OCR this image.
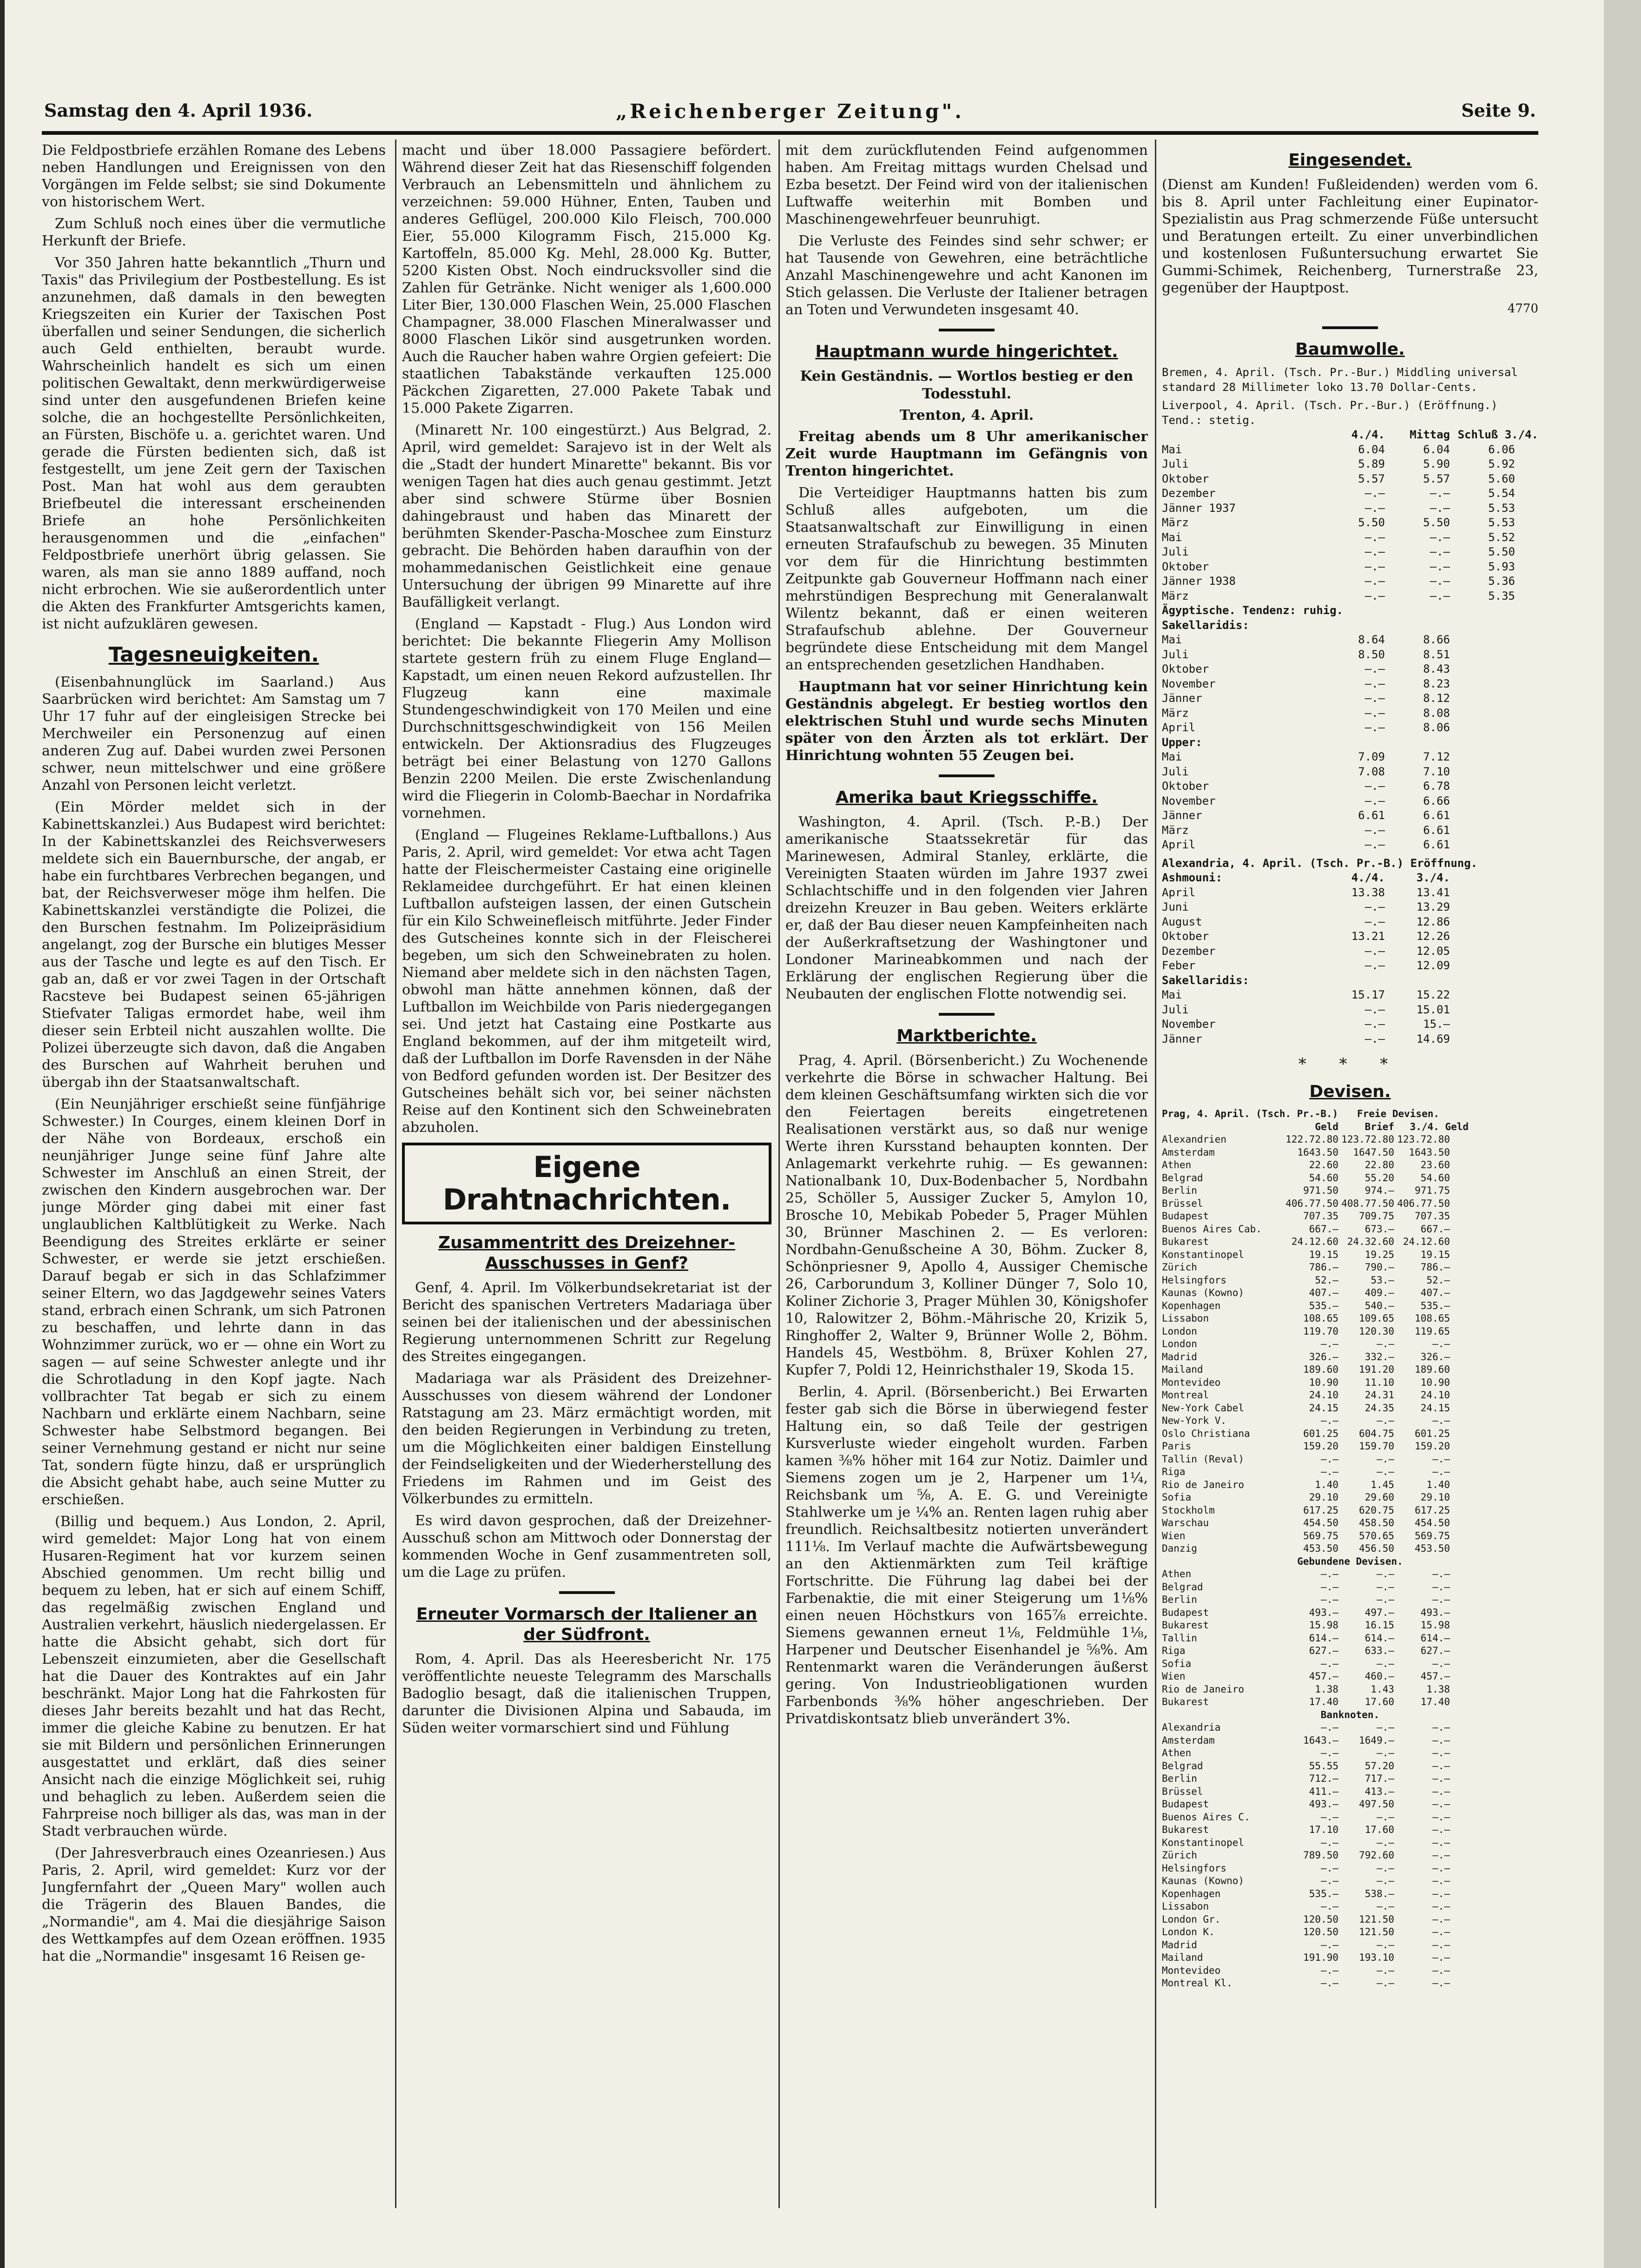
Samstag den 4. April 1936.	„Reichenberger Zeitung".	Seite 9.

Die Feldpostbriefe erzählen Romane des Lebens neben Handlungen und Ereignissen von den Vorgängen im Felde selbst; sie sind Dokumente von historischem Wert.

Zum Schluß noch eines über die vermutliche Herkunft der Briefe.

Vor 350 Jahren hatte bekanntlich „Thurn und Taxis" das Privilegium der Postbestellung. Es ist anzunehmen, daß damals in den bewegten Kriegszeiten ein Kurier der Taxischen Post überfallen und seiner Sendungen, die sicherlich auch Geld enthielten, beraubt wurde. Wahrscheinlich handelt es sich um einen politischen Gewaltakt, denn merkwürdigerweise sind unter den ausgefundenen Briefen keine solche, die an hochgestellte Persönlichkeiten, an Fürsten, Bischöfe u. a. gerichtet waren. Und gerade die Fürsten bedienten sich, daß ist festgestellt, um jene Zeit gern der Taxischen Post. Man hat wohl aus dem geraubten Briefbeutel die interessant erscheinenden Briefe an hohe Persönlichkeiten herausgenommen und die „einfachen" Feldpostbriefe unerhört übrig gelassen. Sie waren, als man sie anno 1889 auffand, noch nicht erbrochen. Wie sie außerordentlich unter die Akten des Frankfurter Amtsgerichts kamen, ist nicht aufzuklären gewesen.

Tagesneuigkeiten.

(Eisenbahnunglück im Saarland.) Aus Saarbrücken wird berichtet: Am Samstag um 7 Uhr 17 fuhr auf der eingleisigen Strecke bei Merchweiler ein Personenzug auf einen anderen Zug auf. Dabei wurden zwei Personen schwer, neun mittelschwer und eine größere Anzahl von Personen leicht verletzt.

(Ein Mörder meldet sich in der Kabinettskanzlei.) Aus Budapest wird berichtet: In der Kabinettskanzlei des Reichsverwesers meldete sich ein Bauernbursche, der angab, er habe ein furchtbares Verbrechen begangen, und bat, der Reichsverweser möge ihm helfen. Die Kabinettskanzlei verständigte die Polizei, die den Burschen festnahm. Im Polizeipräsidium angelangt, zog der Bursche ein blutiges Messer aus der Tasche und legte es auf den Tisch. Er gab an, daß er vor zwei Tagen in der Ortschaft Racsteve bei Budapest seinen 65-jährigen Stiefvater Taligas ermordet habe, weil ihm dieser sein Erbteil nicht auszahlen wollte. Die Polizei überzeugte sich davon, daß die Angaben des Burschen auf Wahrheit beruhen und übergab ihn der Staatsanwaltschaft.

(Ein Neunjähriger erschießt seine fünfjährige Schwester.) In Courges, einem kleinen Dorf in der Nähe von Bordeaux, erschoß ein neunjähriger Junge seine fünf Jahre alte Schwester im Anschluß an einen Streit, der zwischen den Kindern ausgebrochen war. Der junge Mörder ging dabei mit einer fast unglaublichen Kaltblütigkeit zu Werke. Nach Beendigung des Streites erklärte er seiner Schwester, er werde sie jetzt erschießen. Darauf begab er sich in das Schlafzimmer seiner Eltern, wo das Jagdgewehr seines Vaters stand, erbrach einen Schrank, um sich Patronen zu beschaffen, und lehrte dann in das Wohnzimmer zurück, wo er — ohne ein Wort zu sagen — auf seine Schwester anlegte und ihr die Schrotladung in den Kopf jagte. Nach vollbrachter Tat begab er sich zu einem Nachbarn und erklärte einem Nachbarn, seine Schwester habe Selbstmord begangen. Bei seiner Vernehmung gestand er nicht nur seine Tat, sondern fügte hinzu, daß er ursprünglich die Absicht gehabt habe, auch seine Mutter zu erschießen.

(Billig und bequem.) Aus London, 2. April, wird gemeldet: Major Long hat von einem Husaren-Regiment hat vor kurzem seinen Abschied genommen. Um recht billig und bequem zu leben, hat er sich auf einem Schiff, das regelmäßig zwischen England und Australien verkehrt, häuslich niedergelassen. Er hatte die Absicht gehabt, sich dort für Lebenszeit einzumieten, aber die Gesellschaft hat die Dauer des Kontraktes auf ein Jahr beschränkt. Major Long hat die Fahrkosten für dieses Jahr bereits bezahlt und hat das Recht, immer die gleiche Kabine zu benutzen. Er hat sie mit Bildern und persönlichen Erinnerungen ausgestattet und erklärt, daß dies seiner Ansicht nach die einzige Möglichkeit sei, ruhig und behaglich zu leben. Außerdem seien die Fahrpreise noch billiger als das, was man in der Stadt verbrauchen würde.

(Der Jahresverbrauch eines Ozeanriesen.) Aus Paris, 2. April, wird gemeldet: Kurz vor der Jungfernfahrt der „Queen Mary" wollen auch die Trägerin des Blauen Bandes, die „Normandie", am 4. Mai die diesjährige Saison des Wettkampfes auf dem Ozean eröffnen. 1935 hat die „Normandie" insgesamt 16 Reisen ge-

macht und über 18.000 Passagiere befördert. Während dieser Zeit hat das Riesenschiff folgenden Verbrauch an Lebensmitteln und ähnlichem zu verzeichnen: 59.000 Hühner, Enten, Tauben und anderes Geflügel, 200.000 Kilo Fleisch, 700.000 Eier, 55.000 Kilogramm Fisch, 215.000 Kg. Kartoffeln, 85.000 Kg. Mehl, 28.000 Kg. Butter, 5200 Kisten Obst. Noch eindrucksvoller sind die Zahlen für Getränke. Nicht weniger als 1,600.000 Liter Bier, 130.000 Flaschen Wein, 25.000 Flaschen Champagner, 38.000 Flaschen Mineralwasser und 8000 Flaschen Likör sind ausgetrunken worden. Auch die Raucher haben wahre Orgien gefeiert: Die staatlichen Tabakstände verkauften 125.000 Päckchen Zigaretten, 27.000 Pakete Tabak und 15.000 Pakete Zigarren.

(Minarett Nr. 100 eingestürzt.) Aus Belgrad, 2. April, wird gemeldet: Sarajevo ist in der Welt als die „Stadt der hundert Minarette" bekannt. Bis vor wenigen Tagen hat dies auch genau gestimmt. Jetzt aber sind schwere Stürme über Bosnien dahingebraust und haben das Minarett der berühmten Skender-Pascha-Moschee zum Einsturz gebracht. Die Behörden haben daraufhin von der mohammedanischen Geistlichkeit eine genaue Untersuchung der übrigen 99 Minarette auf ihre Baufälligkeit verlangt.

(England — Kapstadt - Flug.) Aus London wird berichtet: Die bekannte Fliegerin Amy Mollison startete gestern früh zu einem Fluge England—Kapstadt, um einen neuen Rekord aufzustellen. Ihr Flugzeug kann eine maximale Stundengeschwindigkeit von 170 Meilen und eine Durchschnittsgeschwindigkeit von 156 Meilen entwickeln. Der Aktionsradius des Flugzeuges beträgt bei einer Belastung von 1270 Gallons Benzin 2200 Meilen. Die erste Zwischenlandung wird die Fliegerin in Colomb-Baechar in Nordafrika vornehmen.

(England — Flugeines Reklame-Luftballons.) Aus Paris, 2. April, wird gemeldet: Vor etwa acht Tagen hatte der Fleischermeister Castaing eine originelle Reklameidee durchgeführt. Er hat einen kleinen Luftballon aufsteigen lassen, der einen Gutschein für ein Kilo Schweinefleisch mitführte. Jeder Finder des Gutscheines konnte sich in der Fleischerei begeben, um sich den Schweinebraten zu holen. Niemand aber meldete sich in den nächsten Tagen, obwohl man hätte annehmen können, daß der Luftballon im Weichbilde von Paris niedergegangen sei. Und jetzt hat Castaing eine Postkarte aus England bekommen, auf der ihm mitgeteilt wird, daß der Luftballon im Dorfe Ravensden in der Nähe von Bedford gefunden worden ist. Der Besitzer des Gutscheines behält sich vor, bei seiner nächsten Reise auf den Kontinent sich den Schweinebraten abzuholen.

Eigene Drahtnachrichten.
Zusammentritt des Dreizehner-Ausschusses in Genf?

Genf, 4. April. Im Völkerbundsekretariat ist der Bericht des spanischen Vertreters Madariaga über seinen bei der italienischen und der abessinischen Regierung unternommenen Schritt zur Regelung des Streites eingegangen.

Madariaga war als Präsident des Dreizehner-Ausschusses von diesem während der Londoner Ratstagung am 23. März ermächtigt worden, mit den beiden Regierungen in Verbindung zu treten, um die Möglichkeiten einer baldigen Einstellung der Feindseligkeiten und der Wiederherstellung des Friedens im Rahmen und im Geist des Völkerbundes zu ermitteln.

Es wird davon gesprochen, daß der Dreizehner-Ausschuß schon am Mittwoch oder Donnerstag der kommenden Woche in Genf zusammentreten soll, um die Lage zu prüfen.

Erneuter Vormarsch der Italiener an der Südfront.

Rom, 4. April. Das als Heeresbericht Nr. 175 veröffentlichte neueste Telegramm des Marschalls Badoglio besagt, daß die italienischen Truppen, darunter die Divisionen Alpina und Sabauda, im Süden weiter vormarschiert sind und Fühlung

mit dem zurückflutenden Feind aufgenommen haben. Am Freitag mittags wurden Chelsad und Ezba besetzt. Der Feind wird von der italienischen Luftwaffe weiterhin mit Bomben und Maschinengewehrfeuer beunruhigt.

Die Verluste des Feindes sind sehr schwer; er hat Tausende von Gewehren, eine beträchtliche Anzahl Maschinengewehre und acht Kanonen im Stich gelassen. Die Verluste der Italiener betragen an Toten und Verwundeten insgesamt 40.

Hauptmann wurde hingerichtet.
Kein Geständnis. — Wortlos bestieg er den Todesstuhl.
Trenton, 4. April.

Freitag abends um 8 Uhr amerikanischer Zeit wurde Hauptmann im Gefängnis von Trenton hingerichtet.

Die Verteidiger Hauptmanns hatten bis zum Schluß alles aufgeboten, um die Staatsanwaltschaft zur Einwilligung in einen erneuten Strafaufschub zu bewegen. 35 Minuten vor dem für die Hinrichtung bestimmten Zeitpunkte gab Gouverneur Hoffmann nach einer mehrstündigen Besprechung mit Generalanwalt Wilentz bekannt, daß er einen weiteren Strafaufschub ablehne. Der Gouverneur begründete diese Entscheidung mit dem Mangel an entsprechenden gesetzlichen Handhaben.

Hauptmann hat vor seiner Hinrichtung kein Geständnis abgelegt. Er bestieg wortlos den elektrischen Stuhl und wurde sechs Minuten später von den Ärzten als tot erklärt. Der Hinrichtung wohnten 55 Zeugen bei.

Amerika baut Kriegsschiffe.

Washington, 4. April. (Tsch. P.-B.) Der amerikanische Staatssekretär für das Marinewesen, Admiral Stanley, erklärte, die Vereinigten Staaten würden im Jahre 1937 zwei Schlachtschiffe und in den folgenden vier Jahren dreizehn Kreuzer in Bau geben. Weiters erklärte er, daß der Bau dieser neuen Kampfeinheiten nach der Außerkraftsetzung der Washingtoner und Londoner Marineabkommen und nach der Erklärung der englischen Regierung über die Neubauten der englischen Flotte notwendig sei.

Marktberichte.

Prag, 4. April. (Börsenbericht.) Zu Wochenende verkehrte die Börse in schwacher Haltung. Bei dem kleinen Geschäftsumfang wirkten sich die vor den Feiertagen bereits eingetretenen Realisationen verstärkt aus, so daß nur wenige Werte ihren Kursstand behaupten konnten. Der Anlagemarkt verkehrte ruhig. — Es gewannen: Nationalbank 10, Dux-Bodenbacher 5, Nordbahn 25, Schöller 5, Aussiger Zucker 5, Amylon 10, Brosche 10, Mebikab Pobeder 5, Prager Mühlen 30, Brünner Maschinen 2. — Es verloren: Nordbahn-Genußscheine A 30, Böhm. Zucker 8, Schönpriesner 9, Apollo 4, Aussiger Chemische 26, Carborundum 3, Kolliner Dünger 7, Solo 10, Koliner Zichorie 3, Prager Mühlen 30, Königshofer 10, Ralowitzer 2, Böhm.-Mährische 20, Krizik 5, Ringhoffer 2, Walter 9, Brünner Wolle 2, Böhm. Handels 45, Westböhm. 8, Brüxer Kohlen 27, Kupfer 7, Poldi 12, Heinrichsthaler 19, Skoda 15.

Berlin, 4. April. (Börsenbericht.) Bei Erwarten fester gab sich die Börse in überwiegend fester Haltung ein, so daß Teile der gestrigen Kursverluste wieder eingeholt wurden. Farben kamen ⅜% höher mit 164 zur Notiz. Daimler und Siemens zogen um je 2, Harpener um 1¼, Reichsbank um ⅝, A. E. G. und Vereinigte Stahlwerke um je ¼% an. Renten lagen ruhig aber freundlich. Reichsaltbesitz notierten unverändert 111⅛. Im Verlauf machte die Aufwärtsbewegung an den Aktienmärkten zum Teil kräftige Fortschritte. Die Führung lag dabei bei der Farbenaktie, die mit einer Steigerung um 1⅛% einen neuen Höchstkurs von 165⅞ erreichte. Siemens gewannen erneut 1⅛, Feldmühle 1⅛, Harpener und Deutscher Eisenhandel je ⅝%. Am Rentenmarkt waren die Veränderungen äußerst gering. Von Industrieobligationen wurden Farbenbonds ⅜% höher angeschrieben. Der Privatdiskontsatz blieb unverändert 3%.

Eingesendet.

(Dienst am Kunden! Fußleidenden) werden vom 6. bis 8. April unter Fachleitung einer Eupinator-Spezialistin aus Prag schmerzende Füße untersucht und Beratungen erteilt. Zu einer unverbindlichen und kostenlosen Fußuntersuchung erwartet Sie Gummi-Schimek, Reichenberg, Turnerstraße 23, gegenüber der Hauptpost.

4770
Baumwolle.
Bremen, 4. April. (Tsch. Pr.-Bur.) Middling universal standard 28 Millimeter loko 13.70 Dollar-Cents.
Liverpool, 4. April. (Tsch. Pr.-Bur.) (Eröffnung.) Tend.: stetig.
4./4.	Mittag Schluß 3./4.
Mai	6.04	6.04	6.06
Juli	5.89	5.90	5.92
Oktober	5.57	5.57	5.60
Dezember	—.—	—.—	5.54
Jänner 1937	—.—	—.—	5.53
März	5.50	5.50	5.53
Mai	—.—	—.—	5.52
Juli	—.—	—.—	5.50
Oktober	—.—	—.—	5.93
Jänner 1938	—.—	—.—	5.36
März	—.—	—.—	5.35
Ägyptische. Tendenz: ruhig.
Sakellaridis:
Mai	8.64	8.66
Juli	8.50	8.51
Oktober	—.—	8.43
November	—.—	8.23
Jänner	—.—	8.12
März	—.—	8.08
April	—.—	8.06
Upper:
Mai	7.09	7.12
Juli	7.08	7.10
Oktober	—.—	6.78
November	—.—	6.66
Jänner	6.61	6.61
März	—.—	6.61
April	—.—	6.61
Alexandria, 4. April. (Tsch. Pr.-B.) Eröffnung.
Ashmouni:	4./4.	3./4.
April	13.38	13.41
Juni	—.—	13.29
August	—.—	12.86
Oktober	13.21	12.26
Dezember	—.—	12.05
Feber	—.—	12.09
Sakellaridis:
Mai	15.17	15.22
Juli	—.—	15.01
November	—.—	15.—
Jänner	—.—	14.69
* * *
Devisen.
Prag, 4. April. (Tsch. Pr.-B.)	Freie Devisen.
Geld	Brief	3./4. Geld
Alexandrien	122.72.80 123.72.80 123.72.80
Amsterdam	1643.50	1647.50	1643.50
Athen	22.60	22.80	23.60
Belgrad	54.60	55.20	54.60
Berlin	971.50	974.—	971.75
Brüssel	406.77.50 408.77.50 406.77.50
Budapest	707.35	709.75	707.35
Buenos Aires Cab.	667.—	673.—	667.—
Bukarest	24.12.60 24.32.60 24.12.60
Konstantinopel	19.15	19.25	19.15
Zürich	786.—	790.—	786.—
Helsingfors	52.—	53.—	52.—
Kaunas (Kowno)	407.—	409.—	407.—
Kopenhagen	535.—	540.—	535.—
Lissabon	108.65	109.65	108.65
London	119.70	120.30	119.65
London	—.—	—.—	—.—
Madrid	326.—	332.—	326.—
Mailand	189.60	191.20	189.60
Montevideo	10.90	11.10	10.90
Montreal	24.10	24.31	24.10
New-York Cabel	24.15	24.35	24.15
New-York V.	—.—	—.—	—.—
Oslo Christiana	601.25	604.75	601.25
Paris	159.20	159.70	159.20
Tallin (Reval)	—.—	—.—	—.—
Riga	—.—	—.—	—.—
Rio de Janeiro	1.40	1.45	1.40
Sofia	29.10	29.60	29.10
Stockholm	617.25	620.75	617.25
Warschau	454.50	458.50	454.50
Wien	569.75	570.65	569.75
Danzig	453.50	456.50	453.50
Gebundene Devisen.
Athen	—.—	—.—	—.—
Belgrad	—.—	—.—	—.—
Berlin	—.—	—.—	—.—
Budapest	493.—	497.—	493.—
Bukarest	15.98	16.15	15.98
Tallin	614.—	614.—	614.—
Riga	627.—	633.—	627.—
Sofia	—.—	—.—	—.—
Wien	457.—	460.—	457.—
Rio de Janeiro	1.38	1.43	1.38
Bukarest	17.40	17.60	17.40
Banknoten.
Alexandria	—.—	—.—	—.—
Amsterdam	1643.—	1649.—	—.—
Athen	—.—	—.—	—.—
Belgrad	55.55	57.20	—.—
Berlin	712.—	717.—	—.—
Brüssel	411.—	413.—	—.—
Budapest	493.—	497.50	—.—
Buenos Aires C.	—.—	—.—	—.—
Bukarest	17.10	17.60	—.—
Konstantinopel	—.—	—.—	—.—
Zürich	789.50	792.60	—.—
Helsingfors	—.—	—.—	—.—
Kaunas (Kowno)	—.—	—.—	—.—
Kopenhagen	535.—	538.—	—.—
Lissabon	—.—	—.—	—.—
London Gr.	120.50	121.50	—.—
London K.	120.50	121.50	—.—
Madrid	—.—	—.—	—.—
Mailand	191.90	193.10	—.—
Montevideo	—.—	—.—	—.—
Montreal Kl.	—.—	—.—	—.—
